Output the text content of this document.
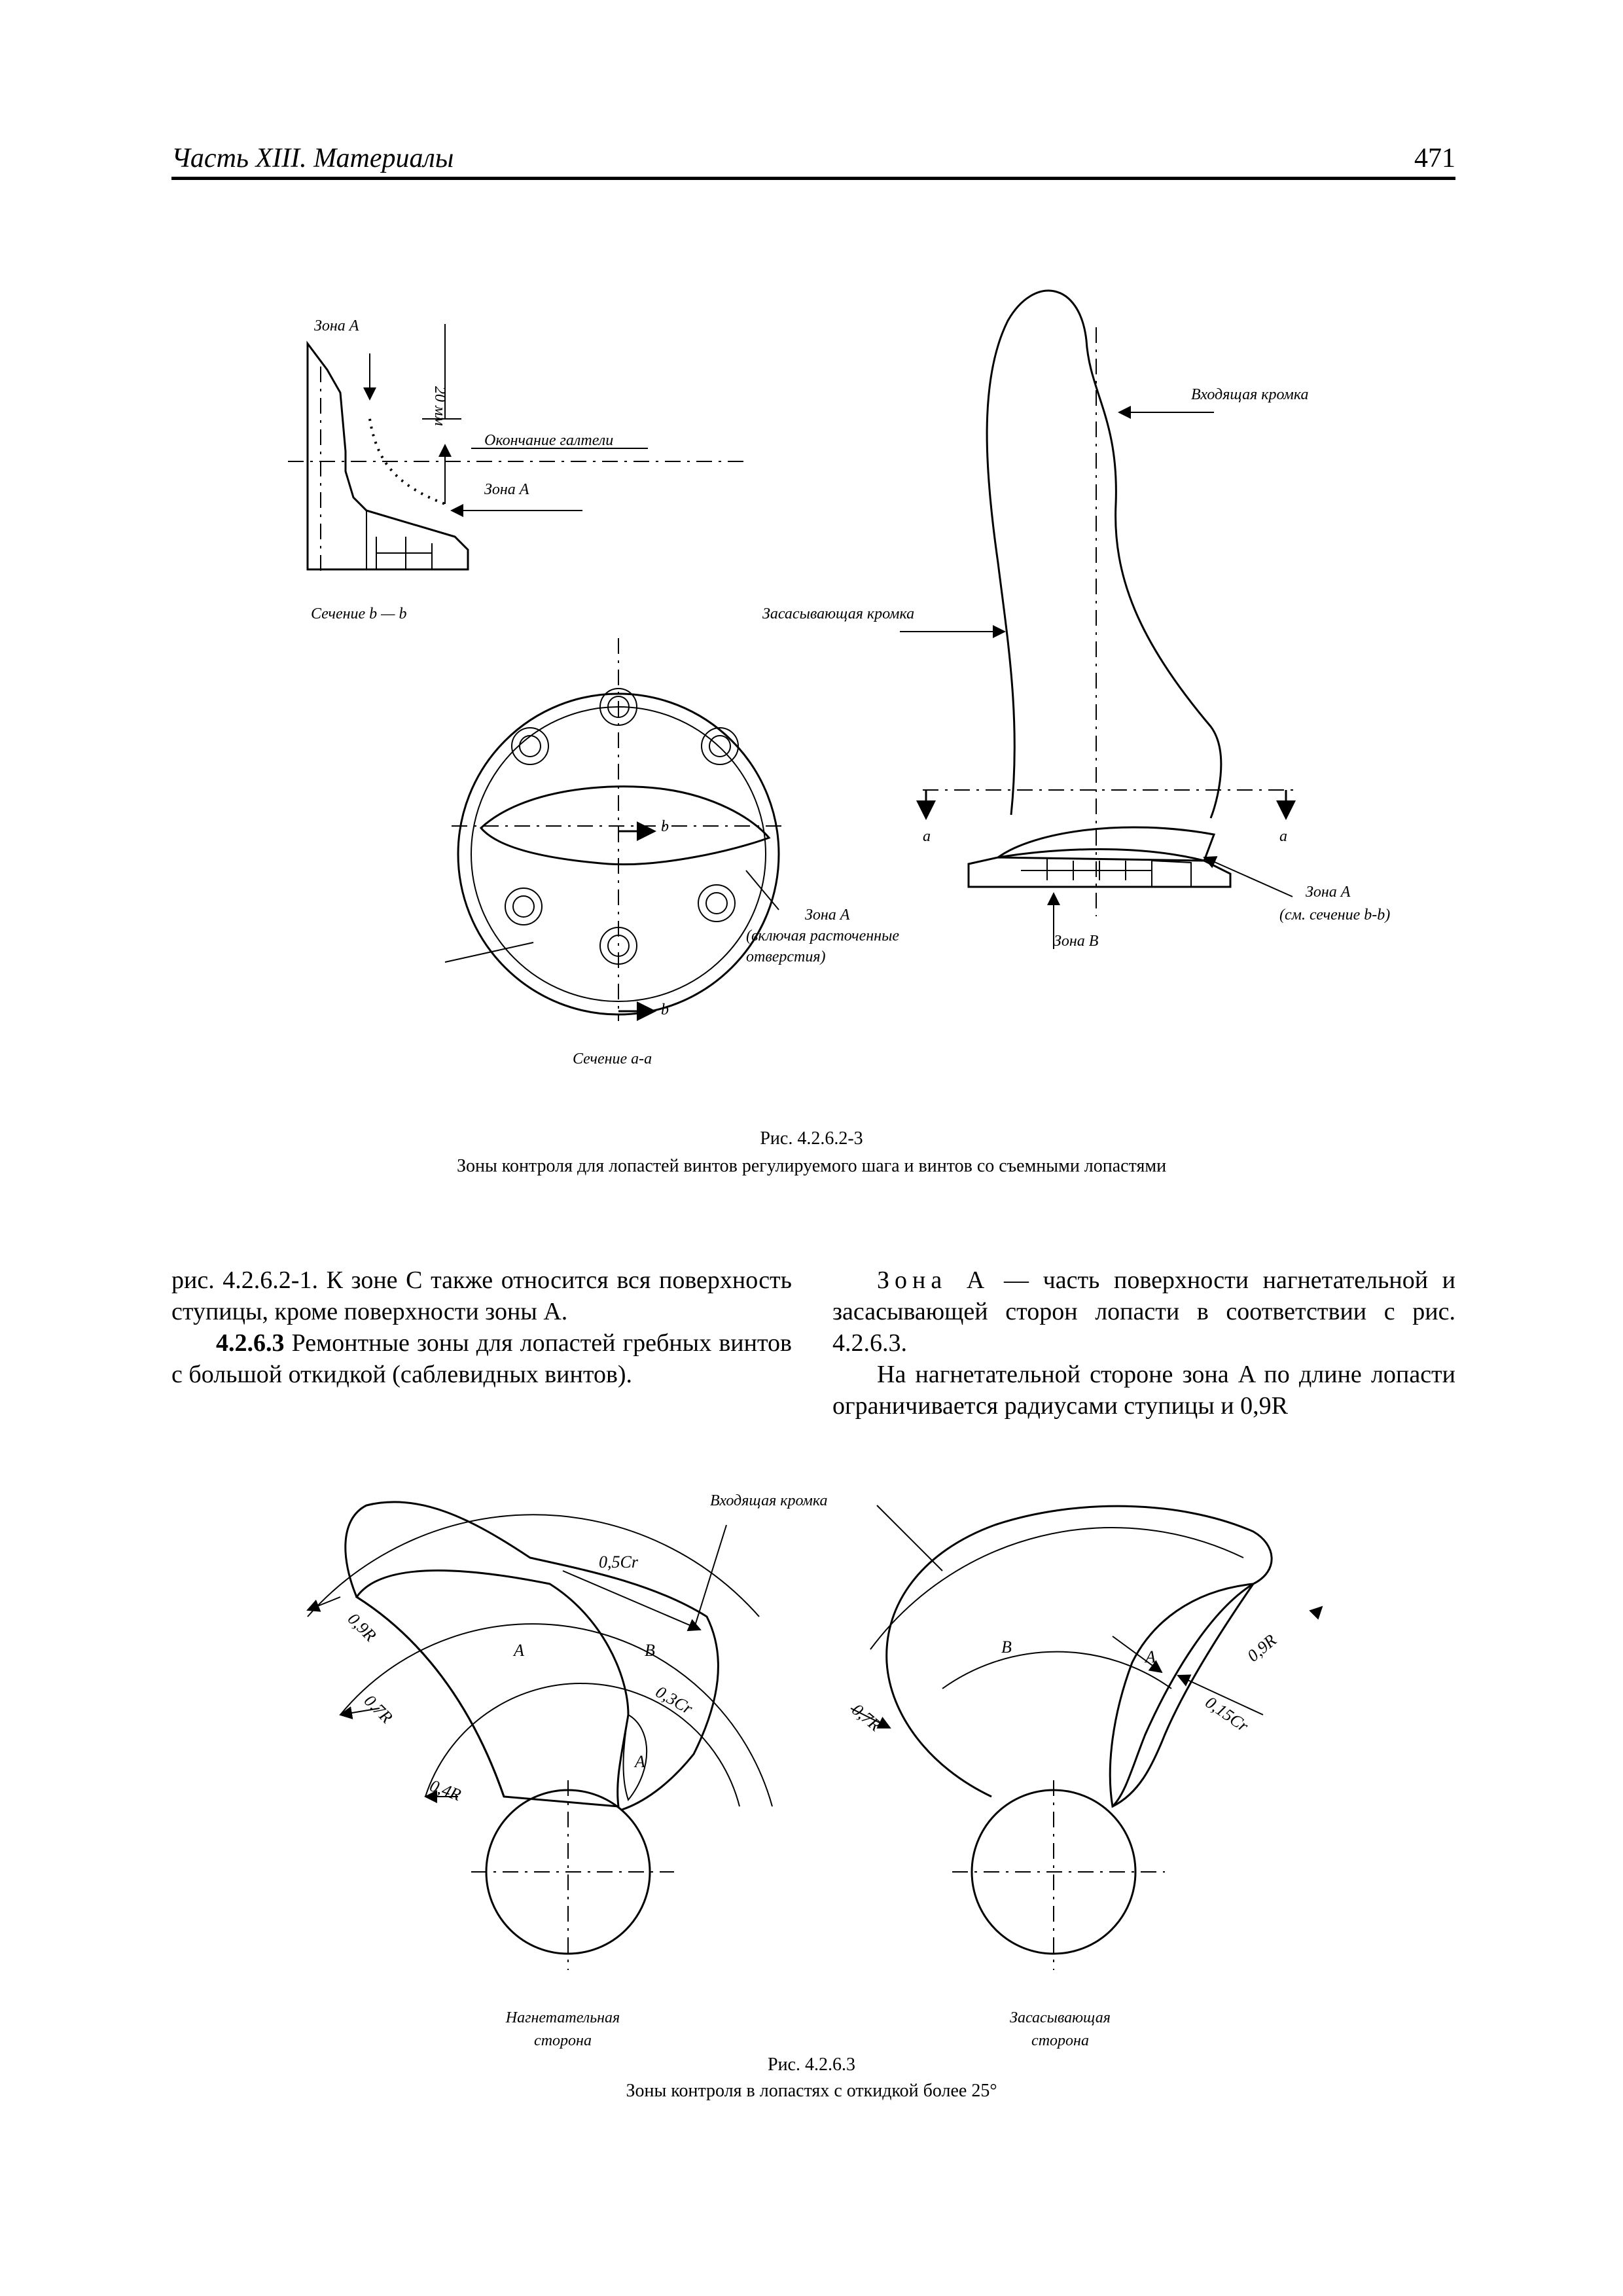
Часть XIII. Материалы	471
Зона A
20 мм
Окончание галтели
Зона A
Сечение b — b
b
b
Зона A
(включая расточенные
отверстия)
Сечение a-a
Входящая кромка
Засасывающая кромка
a	a
Зона B
Зона A
(см. сечение b-b)
Рис. 4.2.6.2-3
Зоны контроля для лопастей винтов регулируемого шага и винтов со съемными лопастями
Входящая кромка
0,5Cr
0,9R
0,7R
0,4R
A	B
0,3Cr
A
Нагнетательная
сторона
B
A	0,9R
0,15Cr
0,7R
Засасывающая
сторона
Рис. 4.2.6.3
Зоны контроля в лопастях с откидкой более 25°

рис. 4.2.6.2-1. К зоне C также относится вся поверхность ступицы, кроме поверхности зоны A.

4.2.6.3 Ремонтные зоны для лопастей гребных винтов с большой откидкой (саблевидных винтов).

Зона A — часть поверхности нагнетательной и засасывающей сторон лопасти в соответствии с рис. 4.2.6.3.

На нагнетательной стороне зона A по длине лопасти ограничивается радиусами ступицы и 0,9R
